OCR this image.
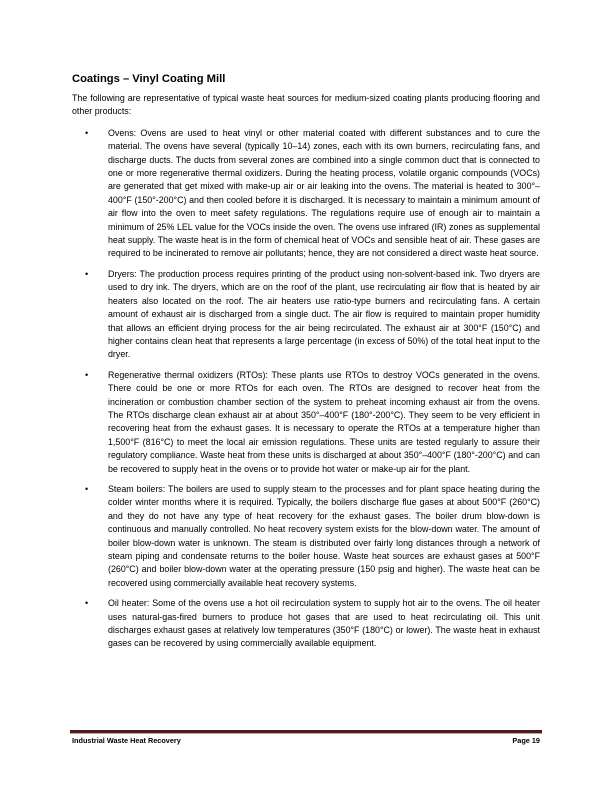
Coatings – Vinyl Coating Mill

The following are representative of typical waste heat sources for medium-sized coating plants producing flooring and other products:

• Ovens: Ovens are used to heat vinyl or other material coated with different substances and to cure the material. The ovens have several (typically 10–14) zones, each with its own burners, recirculating fans, and discharge ducts. The ducts from several zones are combined into a single common duct that is connected to one or more regenerative thermal oxidizers. During the heating process, volatile organic compounds (VOCs) are generated that get mixed with make-up air or air leaking into the ovens. The material is heated to 300°–400°F (150°-200°C) and then cooled before it is discharged. It is necessary to maintain a minimum amount of air flow into the oven to meet safety regulations. The regulations require use of enough air to maintain a minimum of 25% LEL value for the VOCs inside the oven. The ovens use infrared (IR) zones as supplemental heat supply. The waste heat is in the form of chemical heat of VOCs and sensible heat of air. These gases are required to be incinerated to remove air pollutants; hence, they are not considered a direct waste heat source.
• Dryers: The production process requires printing of the product using non-solvent-based ink. Two dryers are used to dry ink. The dryers, which are on the roof of the plant, use recirculating air flow that is heated by air heaters also located on the roof. The air heaters use ratio-type burners and recirculating fans. A certain amount of exhaust air is discharged from a single duct. The air flow is required to maintain proper humidity that allows an efficient drying process for the air being recirculated. The exhaust air at 300°F (150°C) and higher contains clean heat that represents a large percentage (in excess of 50%) of the total heat input to the dryer.
• Regenerative thermal oxidizers (RTOs): These plants use RTOs to destroy VOCs generated in the ovens. There could be one or more RTOs for each oven. The RTOs are designed to recover heat from the incineration or combustion chamber section of the system to preheat incoming exhaust air from the ovens. The RTOs discharge clean exhaust air at about 350°–400°F (180°-200°C). They seem to be very efficient in recovering heat from the exhaust gases. It is necessary to operate the RTOs at a temperature higher than 1,500°F (816°C) to meet the local air emission regulations. These units are tested regularly to assure their regulatory compliance. Waste heat from these units is discharged at about 350°–400°F (180°-200°C) and can be recovered to supply heat in the ovens or to provide hot water or make-up air for the plant.
• Steam boilers: The boilers are used to supply steam to the processes and for plant space heating during the colder winter months where it is required. Typically, the boilers discharge flue gases at about 500°F (260°C) and they do not have any type of heat recovery for the exhaust gases. The boiler drum blow-down is continuous and manually controlled. No heat recovery system exists for the blow-down water. The amount of boiler blow-down water is unknown. The steam is distributed over fairly long distances through a network of steam piping and condensate returns to the boiler house. Waste heat sources are exhaust gases at 500°F (260°C) and boiler blow-down water at the operating pressure (150 psig and higher). The waste heat can be recovered using commercially available heat recovery systems.
• Oil heater: Some of the ovens use a hot oil recirculation system to supply hot air to the ovens. The oil heater uses natural-gas-fired burners to produce hot gases that are used to heat recirculating oil. This unit discharges exhaust gases at relatively low temperatures (350°F (180°C) or lower). The waste heat in exhaust gases can be recovered by using commercially available equipment.
Industrial Waste Heat Recovery	Page 19
